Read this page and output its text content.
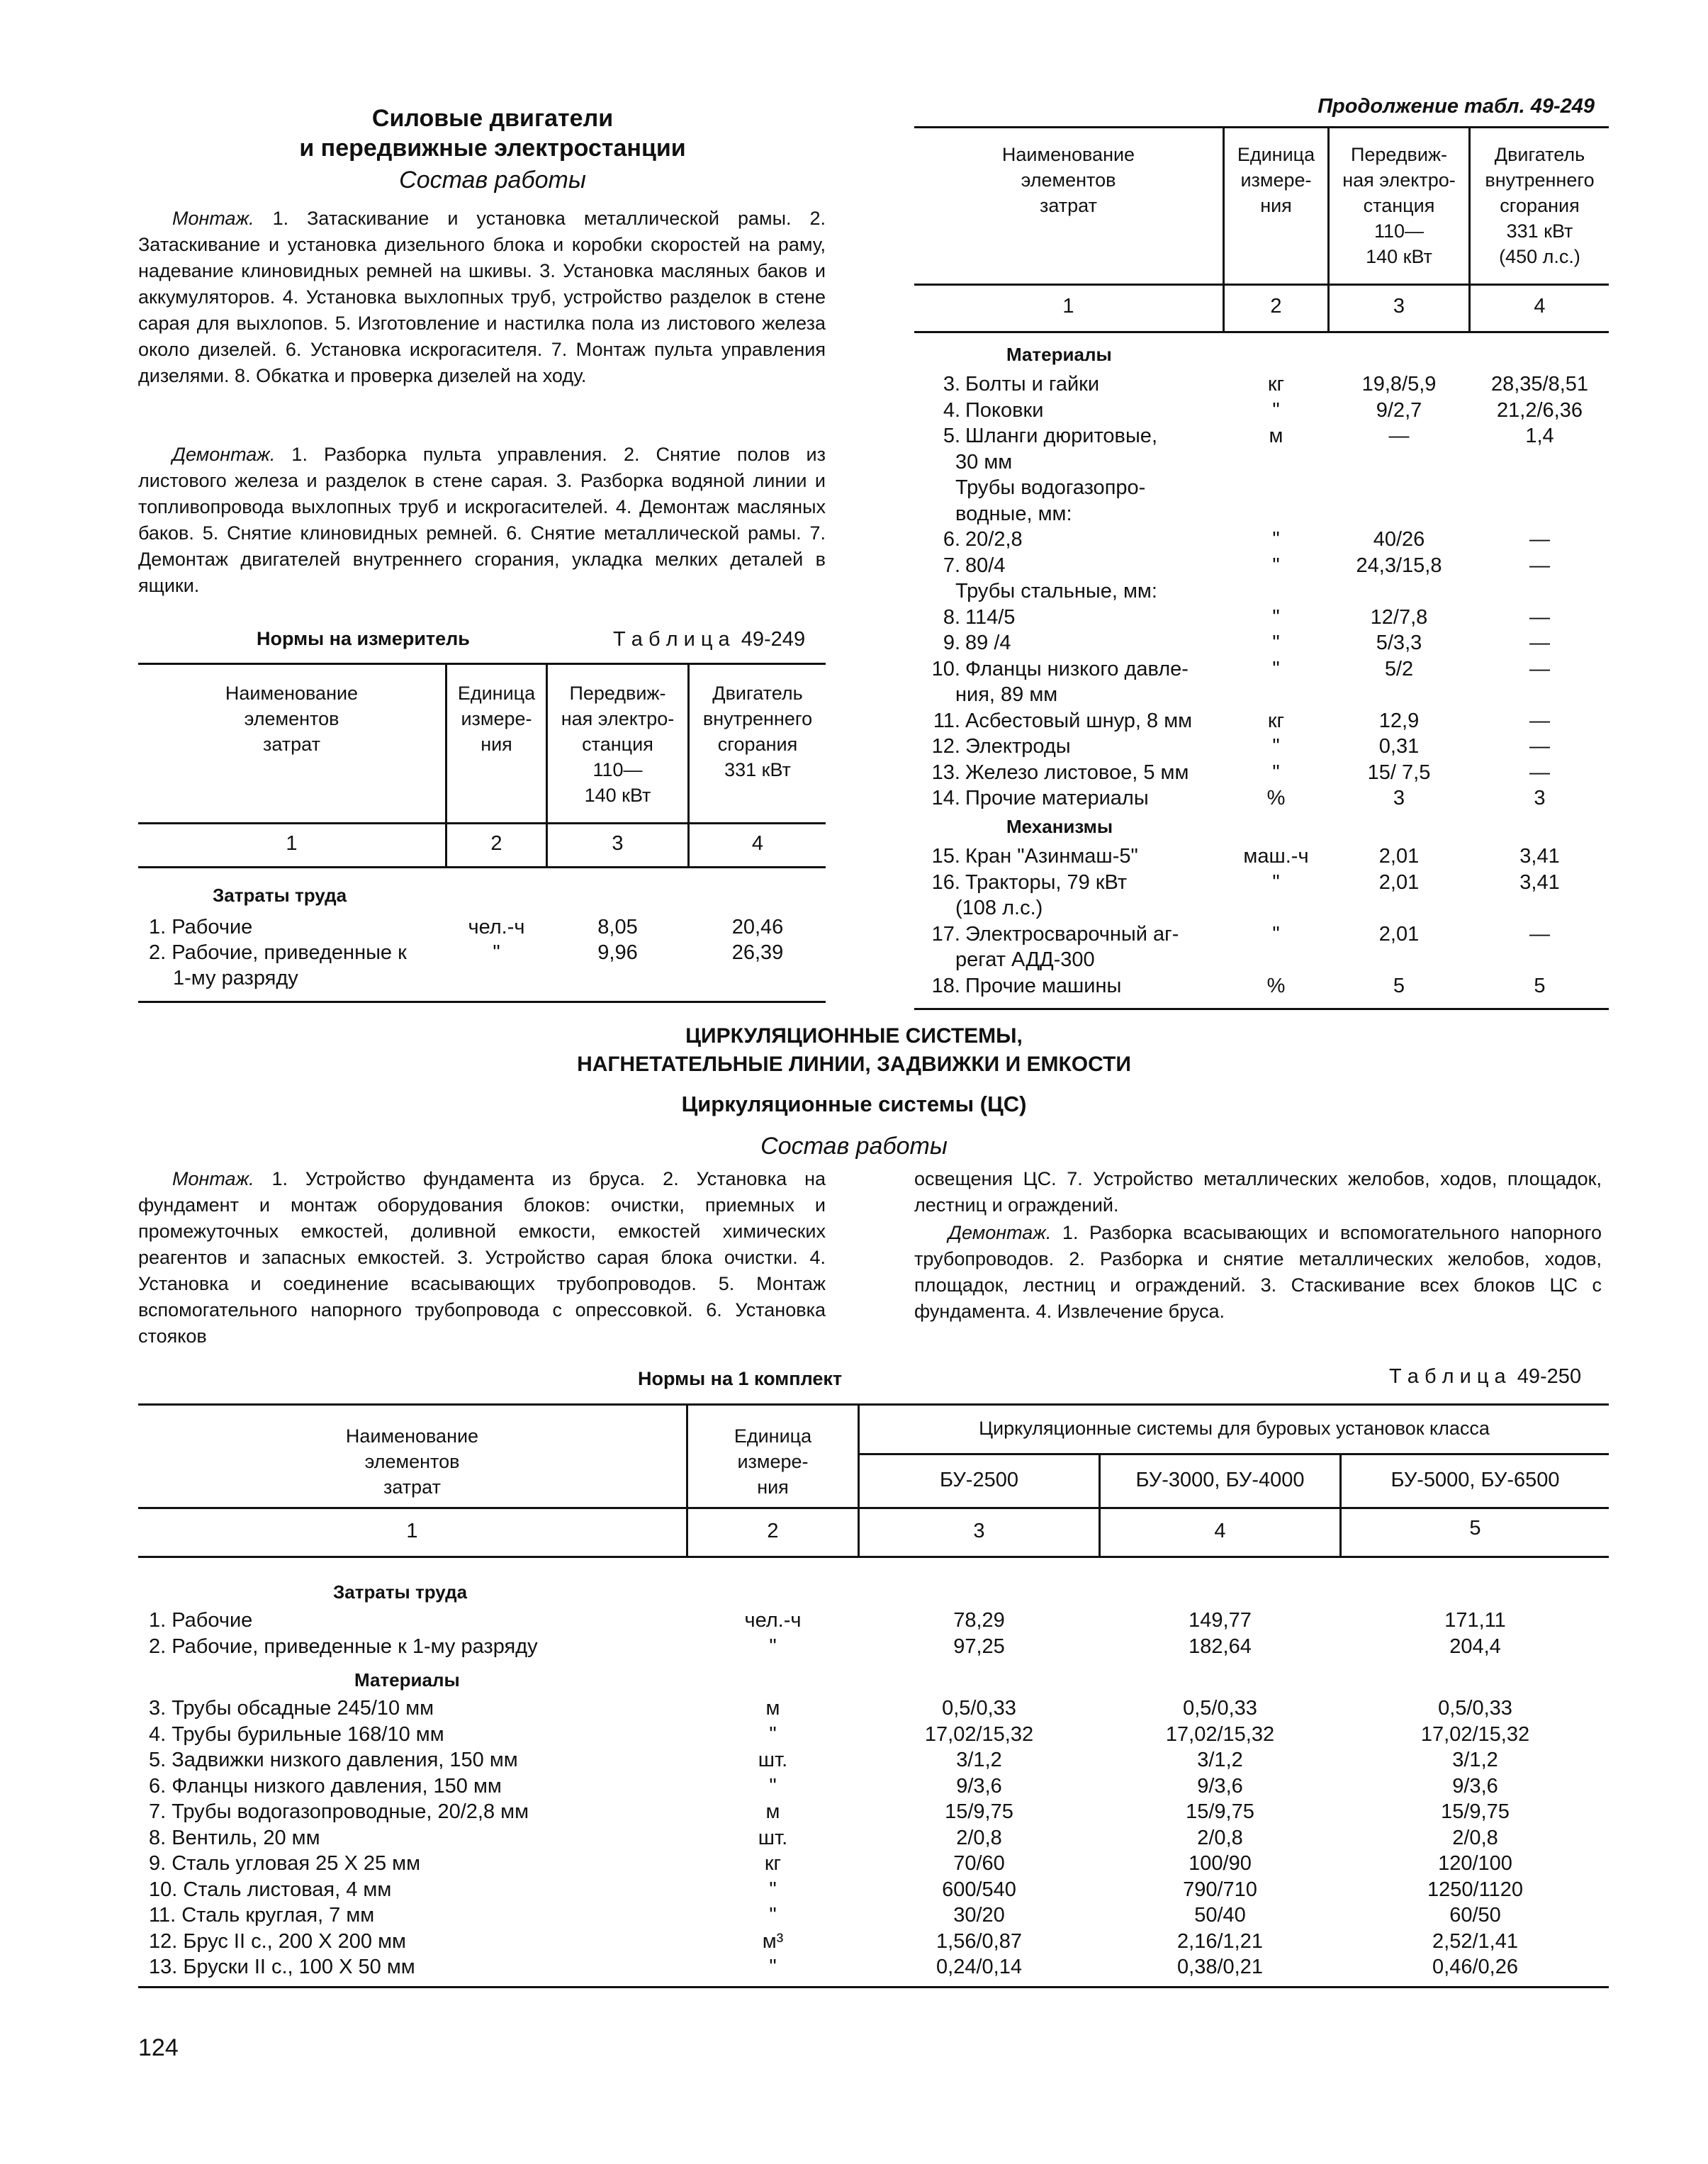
Силовые двигатели
и передвижные электростанции
Состав работы
Монтаж. 1. Затаскивание и установка металлической рамы. 2. Затаскивание и установка дизельного блока и коробки скоростей на раму, надевание клиновидных ремней на шкивы. 3. Установка масляных баков и аккумуляторов. 4. Установка выхлопных труб, устройство разделок в стене сарая для выхлопов. 5. Изготовление и настилка пола из листового железа около дизелей. 6. Установка искрогасителя. 7. Монтаж пульта управления дизелями. 8. Обкатка и проверка дизелей на ходу.
Демонтаж. 1. Разборка пульта управления. 2. Снятие полов из листового железа и разделок в стене сарая. 3. Разборка водяной линии и топливопровода выхлопных труб и искрогасителей. 4. Демонтаж масляных баков. 5. Снятие клиновидных ремней. 6. Снятие металлической рамы. 7. Демонтаж двигателей внутреннего сгорания, укладка мелких деталей в ящики.
Нормы на измеритель	Т а б л и ц а  49-249
Наименование
элементов
затрат
Единица
измере-
ния
Передвиж-
ная электро-
станция
110—
140 кВт
Двигатель
внутреннего
сгорания
331 кВт
1	2	3	4
Затраты труда
1. Рабочие	чел.-ч	8,05	20,46
2. Рабочие, приведенные к
1-му разряду
"	9,96	26,39
Продолжение табл. 49-249
Наименование
элементов
затрат
Единица
измере-
ния
Передвиж-
ная электро-
станция
110—
140 кВт
Двигатель
внутреннего
сгорания
331 кВт
(450 л.с.)
1	2	3	4
Материалы
3. Болты и гайки	кг	19,8/5,9	28,35/8,51
4. Поковки	"	9/2,7	21,2/6,36
5. Шланги дюритовые,	м	—	1,4
30 мм
Трубы водогазопро-
водные, мм:
6. 20/2,8	"	40/26	—
7. 80/4	"	24,3/15,8	—
Трубы стальные, мм:
8. 114/5	"	12/7,8	—
9. 89 /4	"	5/3,3	—
10. Фланцы низкого давле-	"	5/2	—
ния, 89 мм
11. Асбестовый шнур, 8 мм	кг	12,9	—
12. Электроды	"	0,31	—
13. Железо листовое, 5 мм	"	15/ 7,5	—
14. Прочие материалы	%	3	3
Механизмы
15. Кран "Азинмаш-5"	маш.-ч	2,01	3,41
16. Тракторы, 79 кВт	"	2,01	3,41
(108 л.с.)
17. Электросварочный аг-	"	2,01	—
регат АДД-300
18. Прочие машины	%	5	5
ЦИРКУЛЯЦИОННЫЕ СИСТЕМЫ,
НАГНЕТАТЕЛЬНЫЕ ЛИНИИ, ЗАДВИЖКИ И ЕМКОСТИ
Циркуляционные системы (ЦС)
Состав работы
Монтаж. 1. Устройство фундамента из бруса. 2. Установка на фундамент и монтаж оборудования блоков: очистки, приемных и промежуточных емкостей, доливной емкости, емкостей химических реагентов и запасных емкостей. 3. Устройство сарая блока очистки. 4. Установка и соединение всасывающих трубопроводов. 5. Монтаж вспомогательного напорного трубопровода с опрессовкой. 6. Установка стояков
освещения ЦС. 7. Устройство металлических желобов, ходов, площадок, лестниц и ограждений.
Демонтаж. 1. Разборка всасывающих и вспомогательного напорного трубопроводов. 2. Разборка и снятие металлических желобов, ходов, площадок, лестниц и ограждений. 3. Стаскивание всех блоков ЦС с фундамента. 4. Извлечение бруса.
Нормы на 1 комплект	Т а б л и ц а  49-250
Наименование
элементов
затрат
Единица
измере-
ния
Циркуляционные системы для буровых установок класса
БУ-2500	БУ-3000, БУ-4000	БУ-5000, БУ-6500
1	2	3	4	5
Затраты труда
1. Рабочие	чел.-ч	78,29	149,77	171,11
2. Рабочие, приведенные к 1-му разряду	"	97,25	182,64	204,4
Материалы
3. Трубы обсадные 245/10 мм	м	0,5/0,33	0,5/0,33	0,5/0,33
4. Трубы бурильные 168/10 мм	"	17,02/15,32	17,02/15,32	17,02/15,32
5. Задвижки низкого давления, 150 мм	шт.	3/1,2	3/1,2	3/1,2
6. Фланцы низкого давления, 150 мм	"	9/3,6	9/3,6	9/3,6
7. Трубы водогазопроводные, 20/2,8 мм	м	15/9,75	15/9,75	15/9,75
8. Вентиль, 20 мм	шт.	2/0,8	2/0,8	2/0,8
9. Сталь угловая 25 X 25 мм	кг	70/60	100/90	120/100
10. Сталь листовая, 4 мм	"	600/540	790/710	1250/1120
11. Сталь круглая, 7 мм	"	30/20	50/40	60/50
12. Брус II с., 200 X 200 мм	м³	1,56/0,87	2,16/1,21	2,52/1,41
13. Бруски II с., 100 X 50 мм	"	0,24/0,14	0,38/0,21	0,46/0,26
124
